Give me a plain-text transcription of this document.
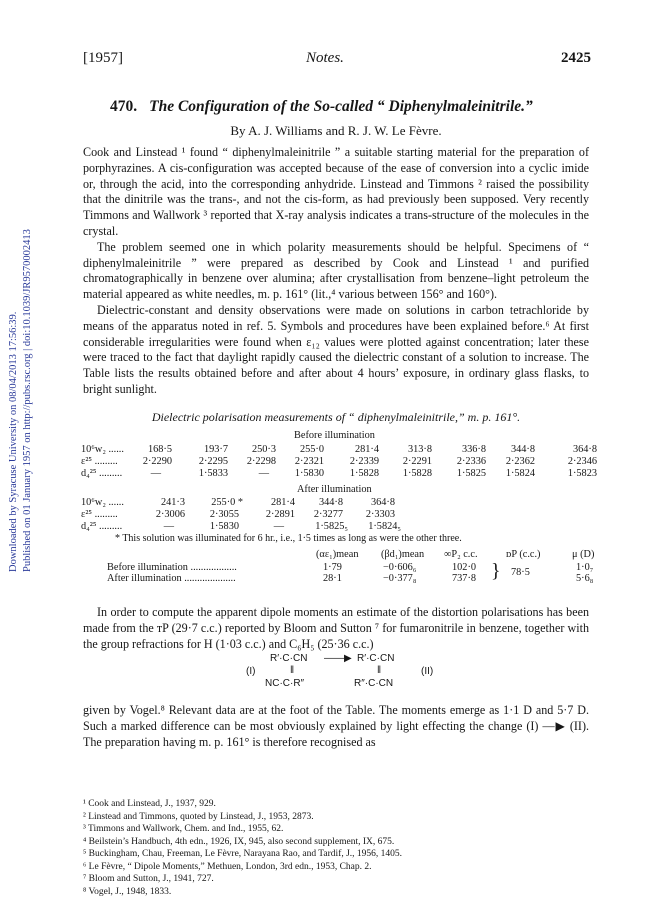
[1957]	Notes.	2425
Downloaded by Syracuse University on 08/04/2013 17:56:39. Published on 01 January 1957 on http://pubs.rsc.org | doi:10.1039/JR9570002413
470. The Configuration of the So-called “ Diphenylmaleinitrile.”
By A. J. Williams and R. J. W. Le Fèvre.

Cook and Linstead ¹ found “ diphenylmaleinitrile ” a suitable starting material for the preparation of porphyrazines. A cis-configuration was accepted because of the ease of conversion into a cyclic imide or, through the acid, into the corresponding anhydride. Linstead and Timmons ² raised the possibility that the dinitrile was the trans-, and not the cis-form, as had previously been supposed. Very recently Timmons and Wallwork ³ reported that X-ray analysis indicates a trans-structure of the molecules in the crystal.

The problem seemed one in which polarity measurements should be helpful. Specimens of “ diphenylmaleinitrile ” were prepared as described by Cook and Linstead ¹ and purified chromatographically in benzene over alumina; after crystallisation from benzene–light petroleum the material appeared as white needles, m. p. 161° (lit.,⁴ various between 156° and 160°).

Dielectric-constant and density observations were made on solutions in carbon tetrachloride by means of the apparatus noted in ref. 5. Symbols and procedures have been explained before.⁶ At first considerable irregularities were found when ε₁₂ values were plotted against concentration; later these were traced to the fact that daylight rapidly caused the dielectric constant of a solution to increase. The Table lists the results obtained before and after about 4 hours’ exposure, in ordinary glass flasks, to bright sunlight.

Dielectric polarisation measurements of “ diphenylmaleinitrile,” m. p. 161°.
Before illumination
10⁶w₂ ...... 168·5	193·7 250·3 255·0	281·4	313·8	336·8 344·8	364·8
ε²⁵ ......... 2·2290	2·2295 2·2298 2·2321	2·2339 2·2291 2·2336 2·2362	2·2346
d₄²⁵ .........	—	1·5833	—	1·5830	1·5828 1·5828 1·5825 1·5824	1·5823
After illumination
10⁶w₂ ......	241·3	255·0 *	281·4 344·8	364·8
ε²⁵ .........	2·3006 2·3055	2·2891 2·3277 2·3303
d₄²⁵ .........	—	1·5830	—	1·5825₅ 1·5824₅
* This solution was illuminated for 6 hr., i.e., 1·5 times as long as were the other three.
(αε₁)mean (βd₁)mean ∞P₂ c.c.	ᴅP (c.c.)	μ (D)
Before illumination ..................	1·79	−0·606₆	102·0	1·0₇
After illumination ....................	28·1	−0·377₈	737·8	5·6₈
} 78·5

In order to compute the apparent dipole moments an estimate of the distortion polarisations has been made from the ᴛP (29·7 c.c.) reported by Bloom and Sutton ⁷ for fumaronitrile in benzene, together with the group refractions for H (1·03 c.c.) and C₆H₅ (25·36 c.c.)

(I)
R′·C·CN
‖
NC·C·R″
——▶ R′·C·CN
‖
R″·C·CN
(II)

given by Vogel.⁸ Relevant data are at the foot of the Table. The moments emerge as 1·1 D and 5·7 D. Such a marked difference can be most obviously explained by light effecting the change (I) —▶ (II). The preparation having m. p. 161° is therefore recognised as

¹ Cook and Linstead, J., 1937, 929.
² Linstead and Timmons, quoted by Linstead, J., 1953, 2873.
³ Timmons and Wallwork, Chem. and Ind., 1955, 62.
⁴ Beilstein’s Handbuch, 4th edn., 1926, IX, 945, also second supplement, IX, 675.
⁵ Buckingham, Chau, Freeman, Le Fèvre, Narayana Rao, and Tardif, J., 1956, 1405.
⁶ Le Fèvre, “ Dipole Moments,” Methuen, London, 3rd edn., 1953, Chap. 2.
⁷ Bloom and Sutton, J., 1941, 727.
⁸ Vogel, J., 1948, 1833.
